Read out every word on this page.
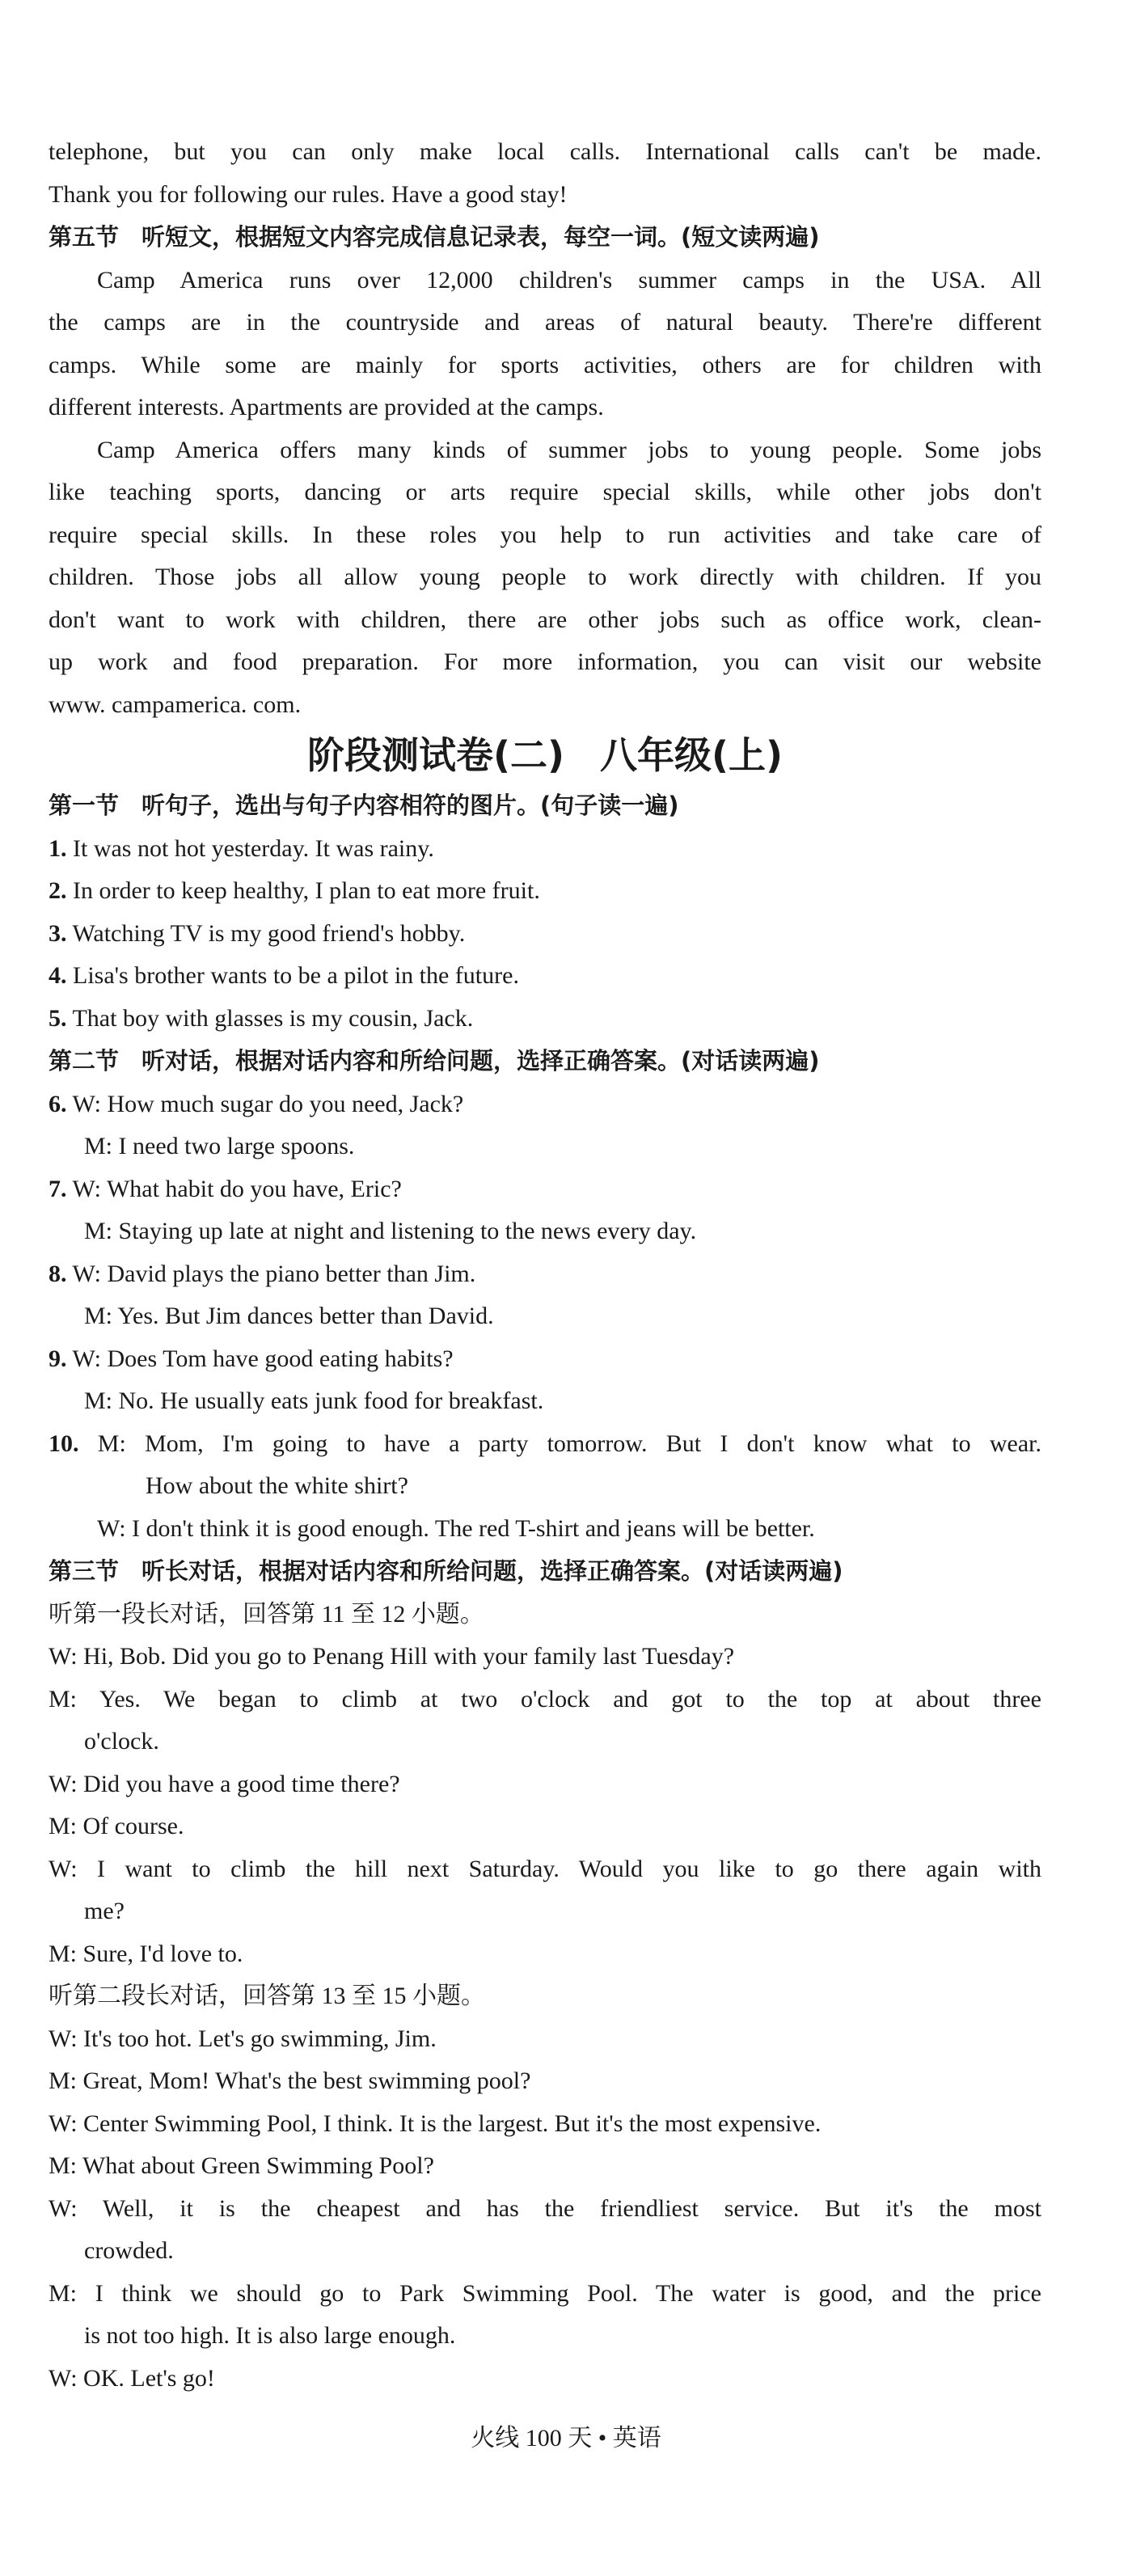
telephone, but you can only make local calls. International calls can't be made.

Thank you for following our rules. Have a good stay!

第五节 听短文，根据短文内容完成信息记录表，每空一词。(短文读两遍)

Camp America runs over 12,000 children's summer camps in the USA. All

the camps are in the countryside and areas of natural beauty. There're different

camps. While some are mainly for sports activities, others are for children with

different interests. Apartments are provided at the camps.

Camp America offers many kinds of summer jobs to young people. Some jobs

like teaching sports, dancing or arts require special skills, while other jobs don't

require special skills. In these roles you help to run activities and take care of

children. Those jobs all allow young people to work directly with children. If you

don't want to work with children, there are other jobs such as office work, clean-

up work and food preparation. For more information, you can visit our website

www. campamerica. com.

阶段测试卷(二) 八年级(上)

第一节 听句子，选出与句子内容相符的图片。(句子读一遍)

1. It was not hot yesterday. It was rainy.

2. In order to keep healthy, I plan to eat more fruit.

3. Watching TV is my good friend's hobby.

4. Lisa's brother wants to be a pilot in the future.

5. That boy with glasses is my cousin, Jack.

第二节 听对话，根据对话内容和所给问题，选择正确答案。(对话读两遍)

6. W: How much sugar do you need, Jack?

M: I need two large spoons.

7. W: What habit do you have, Eric?

M: Staying up late at night and listening to the news every day.

8. W: David plays the piano better than Jim.

M: Yes. But Jim dances better than David.

9. W: Does Tom have good eating habits?

M: No. He usually eats junk food for breakfast.

10. M: Mom, I'm going to have a party tomorrow. But I don't know what to wear.

How about the white shirt?

W: I don't think it is good enough. The red T-shirt and jeans will be better.

第三节 听长对话，根据对话内容和所给问题，选择正确答案。(对话读两遍)

听第一段长对话，回答第 11 至 12 小题。

W: Hi, Bob. Did you go to Penang Hill with your family last Tuesday?

M: Yes. We began to climb at two o'clock and got to the top at about three

o'clock.

W: Did you have a good time there?

M: Of course.

W: I want to climb the hill next Saturday. Would you like to go there again with

me?

M: Sure, I'd love to.

听第二段长对话，回答第 13 至 15 小题。

W: It's too hot. Let's go swimming, Jim.

M: Great, Mom! What's the best swimming pool?

W: Center Swimming Pool, I think. It is the largest. But it's the most expensive.

M: What about Green Swimming Pool?

W: Well, it is the cheapest and has the friendliest service. But it's the most

crowded.

M: I think we should go to Park Swimming Pool. The water is good, and the price

is not too high. It is also large enough.

W: OK. Let's go!

火线 100 天 • 英语
